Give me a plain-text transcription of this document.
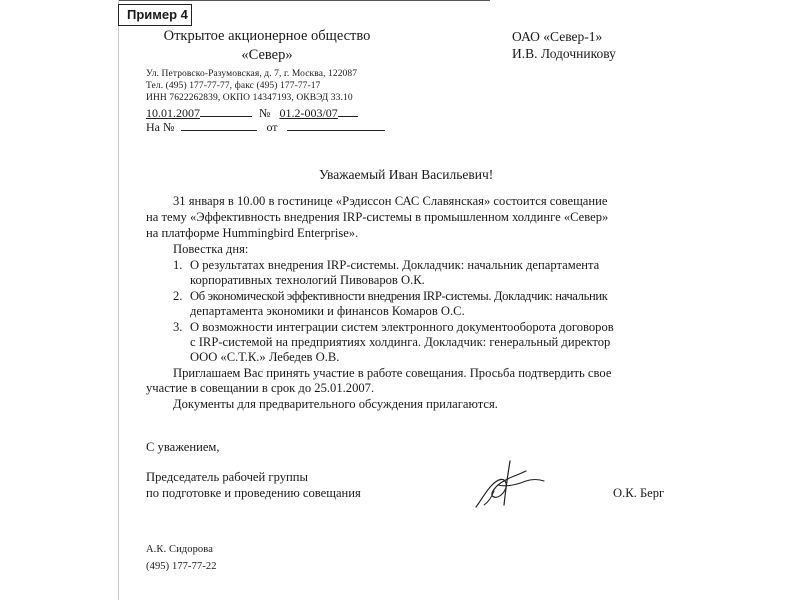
Пример 4
Открытое акционерное общество
«Север»
Ул. Петровско-Разумовская, д. 7, г. Москва, 122087
Тел. (495) 177-77-77, факс (495) 177-77-17
ИНН 7622262839, ОКПО 14347193, ОКВЭД 33.10
10.01.2007	№ 01.2-003/07
На №	от
ОАО «Север-1»
И.В. Лодочникову
Уважаемый Иван Васильевич!
31 января в 10.00 в гостинице «Рэдиссон САС Славянская» состоится совещание
на тему «Эффективность внедрения IRP-системы в промышленном холдинге «Север»
на платформе Hummingbird Enterprise».
Повестка дня:
1. О результатах внедрения IRP-системы. Докладчик: начальник департамента
корпоративных технологий Пивоваров О.К.
2. Об экономической эффективности внедрения IRP-системы. Докладчик: начальник
департамента экономики и финансов Комаров О.С.
3. О возможности интеграции систем электронного документооборота договоров
с IRP-системой на предприятиях холдинга. Докладчик: генеральный директор
ООО «С.Т.К.» Лебедев О.В.
Приглашаем Вас принять участие в работе совещания. Просьба подтвердить свое
участие в совещании в срок до 25.01.2007.
Документы для предварительного обсуждения прилагаются.
С уважением,
Председатель рабочей группы
по подготовке и проведению совещания	О.К. Берг
А.К. Сидорова
(495) 177-77-22
